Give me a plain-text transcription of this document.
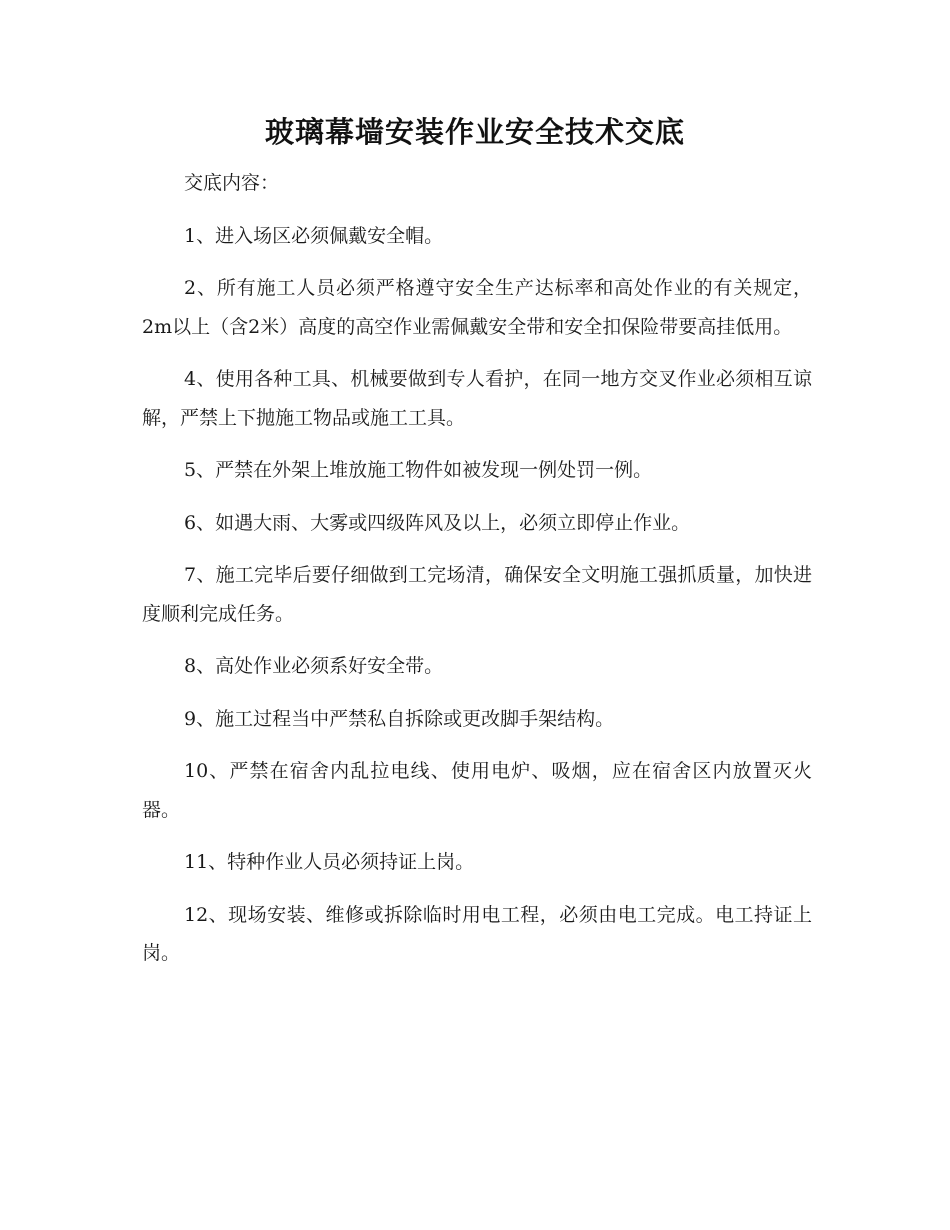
玻璃幕墙安装作业安全技术交底

交底内容：

1、进入场区必须佩戴安全帽。

2、所有施工人员必须严格遵守安全生产达标率和高处作业的有关规定，2m以上（含2米）高度的高空作业需佩戴安全带和安全扣保险带要高挂低用。

4、使用各种工具、机械要做到专人看护，在同一地方交叉作业必须相互谅解，严禁上下抛施工物品或施工工具。

5、严禁在外架上堆放施工物件如被发现一例处罚一例。

6、如遇大雨、大雾或四级阵风及以上，必须立即停止作业。

7、施工完毕后要仔细做到工完场清，确保安全文明施工强抓质量，加快进度顺利完成任务。

8、高处作业必须系好安全带。

9、施工过程当中严禁私自拆除或更改脚手架结构。

10、严禁在宿舍内乱拉电线、使用电炉、吸烟，应在宿舍区内放置灭火器。

11、特种作业人员必须持证上岗。

12、现场安装、维修或拆除临时用电工程，必须由电工完成。电工持证上岗。
